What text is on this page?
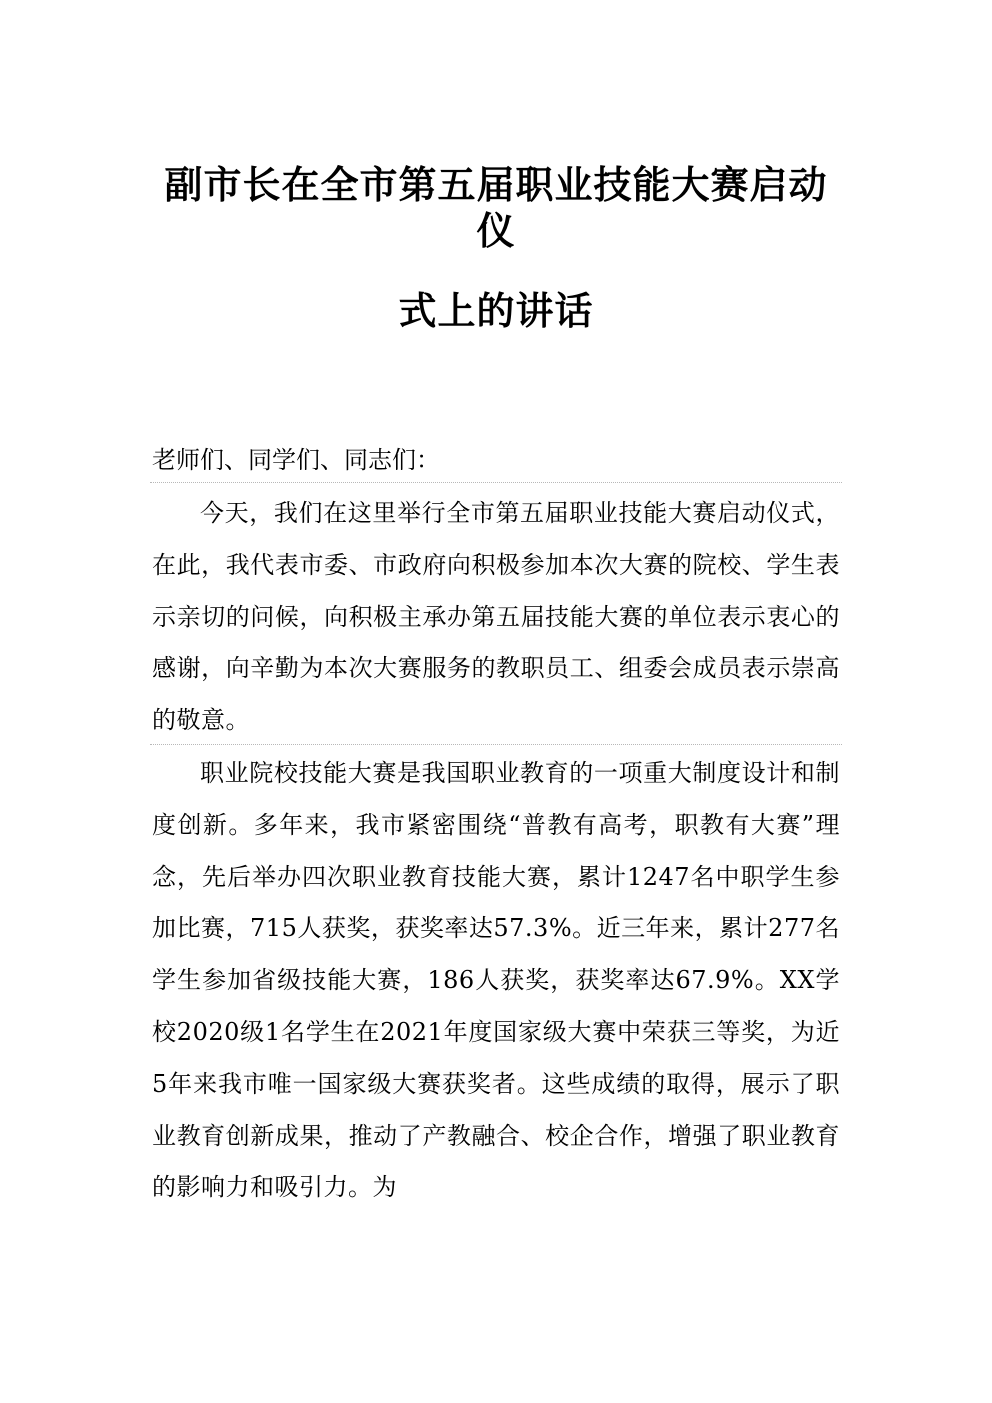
副市长在全市第五届职业技能大赛启动仪
式上的讲话

老师们、同学们、同志们：

今天，我们在这里举行全市第五届职业技能大赛启动仪式，在此，我代表市委、市政府向积极参加本次大赛的院校、学生表示亲切的问候，向积极主承办第五届技能大赛的单位表示衷心的感谢，向辛勤为本次大赛服务的教职员工、组委会成员表示崇高的敬意。

职业院校技能大赛是我国职业教育的一项重大制度设计和制度创新。多年来，我市紧密围绕“普教有高考，职教有大赛”理念，先后举办四次职业教育技能大赛，累计1247名中职学生参加比赛，715人获奖，获奖率达57.3%。近三年来，累计277名学生参加省级技能大赛，186人获奖，获奖率达67.9%。XX学校2020级1名学生在2021年度国家级大赛中荣获三等奖，为近5年来我市唯一国家级大赛获奖者。这些成绩的取得，展示了职业教育创新成果，推动了产教融合、校企合作，增强了职业教育的影响力和吸引力。为
